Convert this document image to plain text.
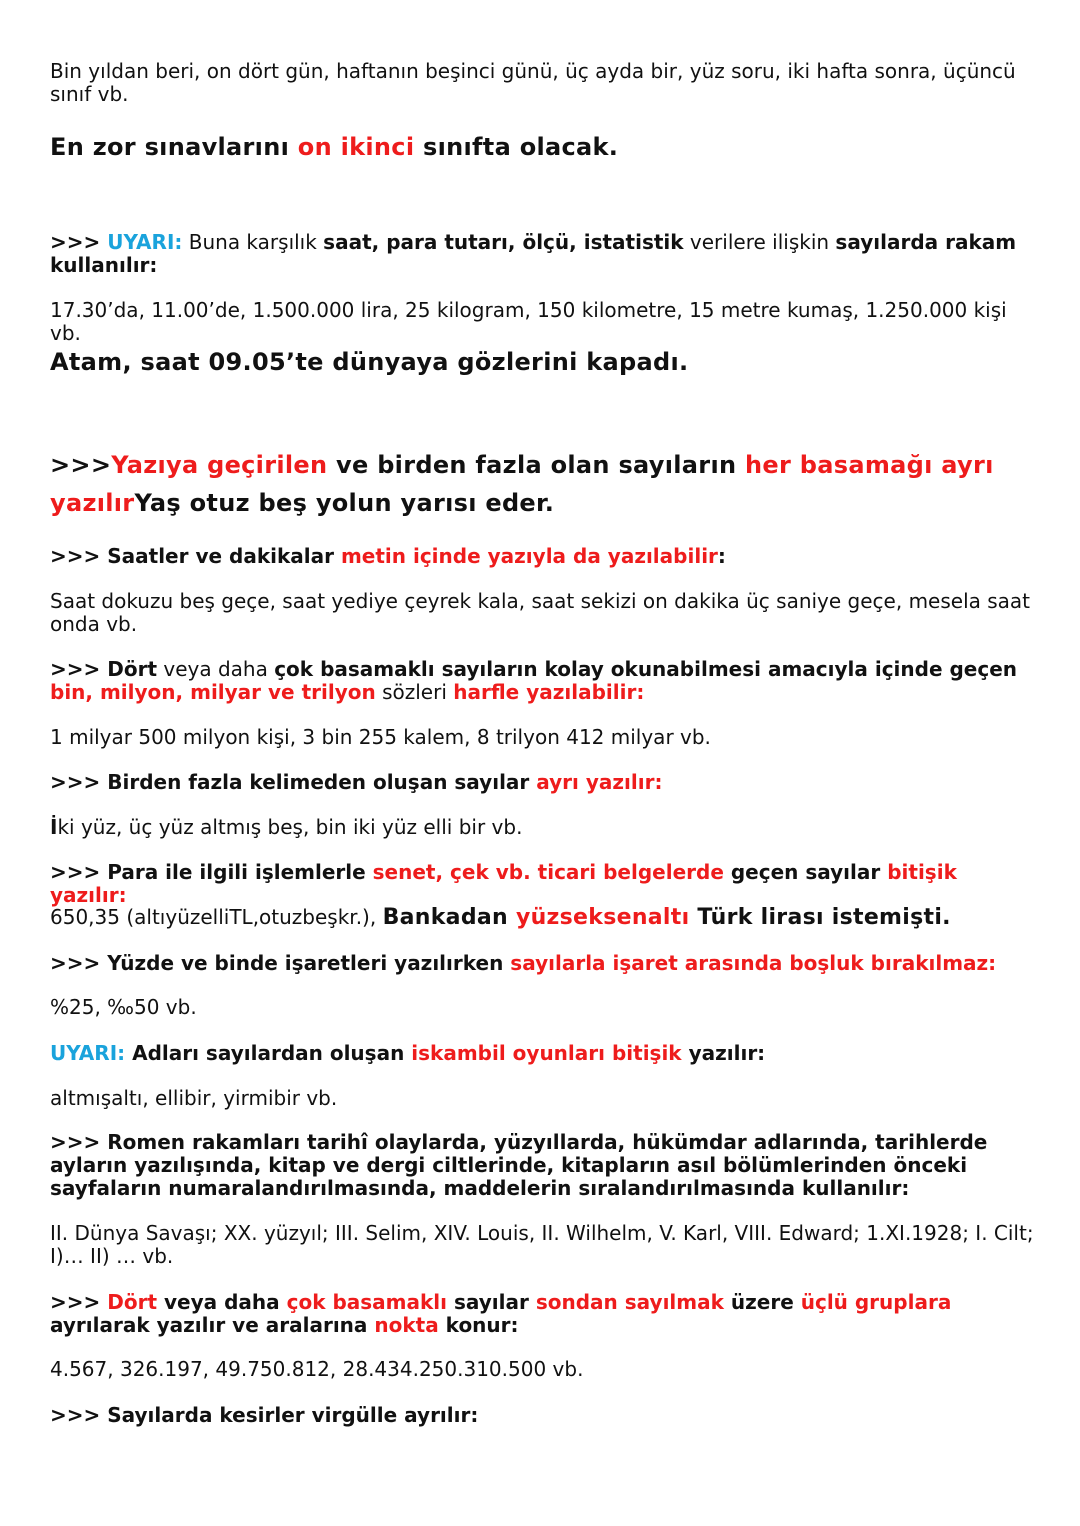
Bin yıldan beri, on dört gün, haftanın beşinci günü, üç ayda bir, yüz soru, iki hafta sonra, üçüncü sınıf vb.

En zor sınavlarını on ikinci sınıfta olacak.

>>> UYARI: Buna karşılık saat, para tutarı, ölçü, istatistik verilere ilişkin sayılarda rakam kullanılır:

17.30’da, 11.00’de, 1.500.000 lira, 25 kilogram, 150 kilometre, 15 metre kumaş, 1.250.000 kişi vb.

Atam, saat 09.05’te dünyaya gözlerini kapadı.

>>>Yazıya geçirilen ve birden fazla olan sayıların her basamağı ayrı yazılırYaş otuz beş yolun yarısı eder.

>>> Saatler ve dakikalar metin içinde yazıyla da yazılabilir:

Saat dokuzu beş geçe, saat yediye çeyrek kala, saat sekizi on dakika üç saniye geçe, mesela saat onda vb.

>>> Dört veya daha çok basamaklı sayıların kolay okunabilmesi amacıyla içinde geçen bin, milyon, milyar ve trilyon sözleri harfle yazılabilir:

1 milyar 500 milyon kişi, 3 bin 255 kalem, 8 trilyon 412 milyar vb.

>>> Birden fazla kelimeden oluşan sayılar ayrı yazılır:

İki yüz, üç yüz altmış beş, bin iki yüz elli bir vb.

>>> Para ile ilgili işlemlerle senet, çek vb. ticari belgelerde geçen sayılar bitişik yazılır:

650,35 (altıyüzelliTL,otuzbeşkr.), Bankadan yüzseksenaltı Türk lirası istemişti.

>>> Yüzde ve binde işaretleri yazılırken sayılarla işaret arasında boşluk bırakılmaz:

%25, ‰50 vb.

UYARI: Adları sayılardan oluşan iskambil oyunları bitişik yazılır:

altmışaltı, ellibir, yirmibir vb.

>>> Romen rakamları tarihî olaylarda, yüzyıllarda, hükümdar adlarında, tarihlerde ayların yazılışında, kitap ve dergi ciltlerinde, kitapların asıl bölümlerinden önceki sayfaların numaralandırılmasında, maddelerin sıralandırılmasında kullanılır:

II. Dünya Savaşı; XX. yüzyıl; III. Selim, XIV. Louis, II. Wilhelm, V. Karl, VIII. Edward; 1.XI.1928; I. Cilt; I)… II) … vb.

>>> Dört veya daha çok basamaklı sayılar sondan sayılmak üzere üçlü gruplara ayrılarak yazılır ve aralarına nokta konur:

4.567, 326.197, 49.750.812, 28.434.250.310.500 vb.

>>> Sayılarda kesirler virgülle ayrılır:
